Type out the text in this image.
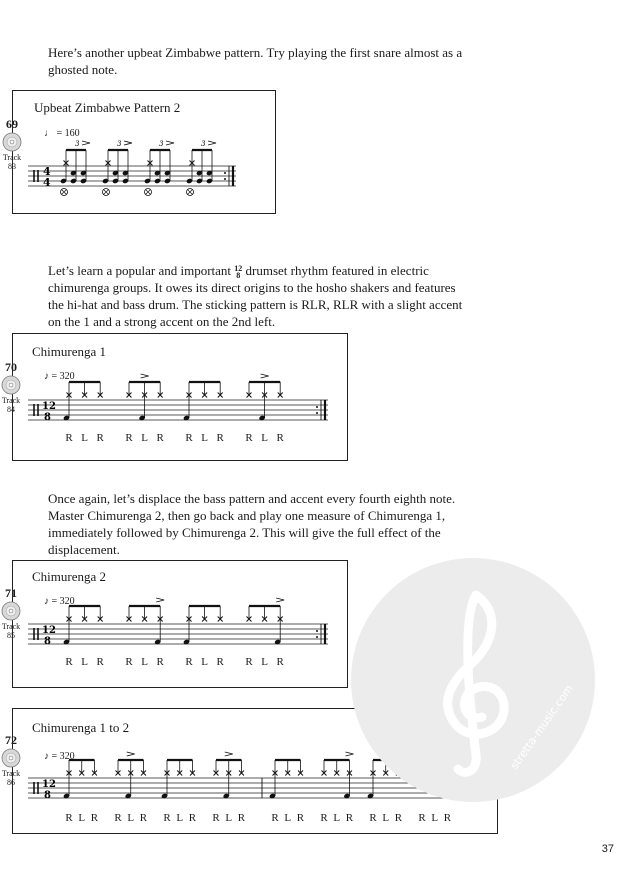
Here’s another upbeat Zimbabwe pattern. Try playing the first snare almost as a ghosted note.

Upbeat Zimbabwe Pattern 2
69
Track
83
♩ = 160
4
4
3	3	3	3

Let’s learn a popular and important 12
8 drumset rhythm featured in electric chimurenga groups. It owes its direct origins to the hosho shakers and features the hi-hat and bass drum. The sticking pattern is RLR, RLR with a slight accent on the 1 and a strong accent on the 2nd left.

Chimurenga 1
70
Track
84
♪ = 320
12
8
R L R	R L R	R L R	R L R

Once again, let’s displace the bass pattern and accent every fourth eighth note. Master Chimurenga 2, then go back and play one measure of Chimurenga 1, immediately followed by Chimurenga 2. This will give the full effect of the displacement.

Chimurenga 2
71
Track
85
♪ = 320
12
8
R L R	R L R	R L R	R L R
Chimurenga 1 to 2
72
Track
86
♪ = 320
12
8
R L R	R L R	R L R	R L R	R L R	R L R	R L R	R L R
stretta-music.com
37
